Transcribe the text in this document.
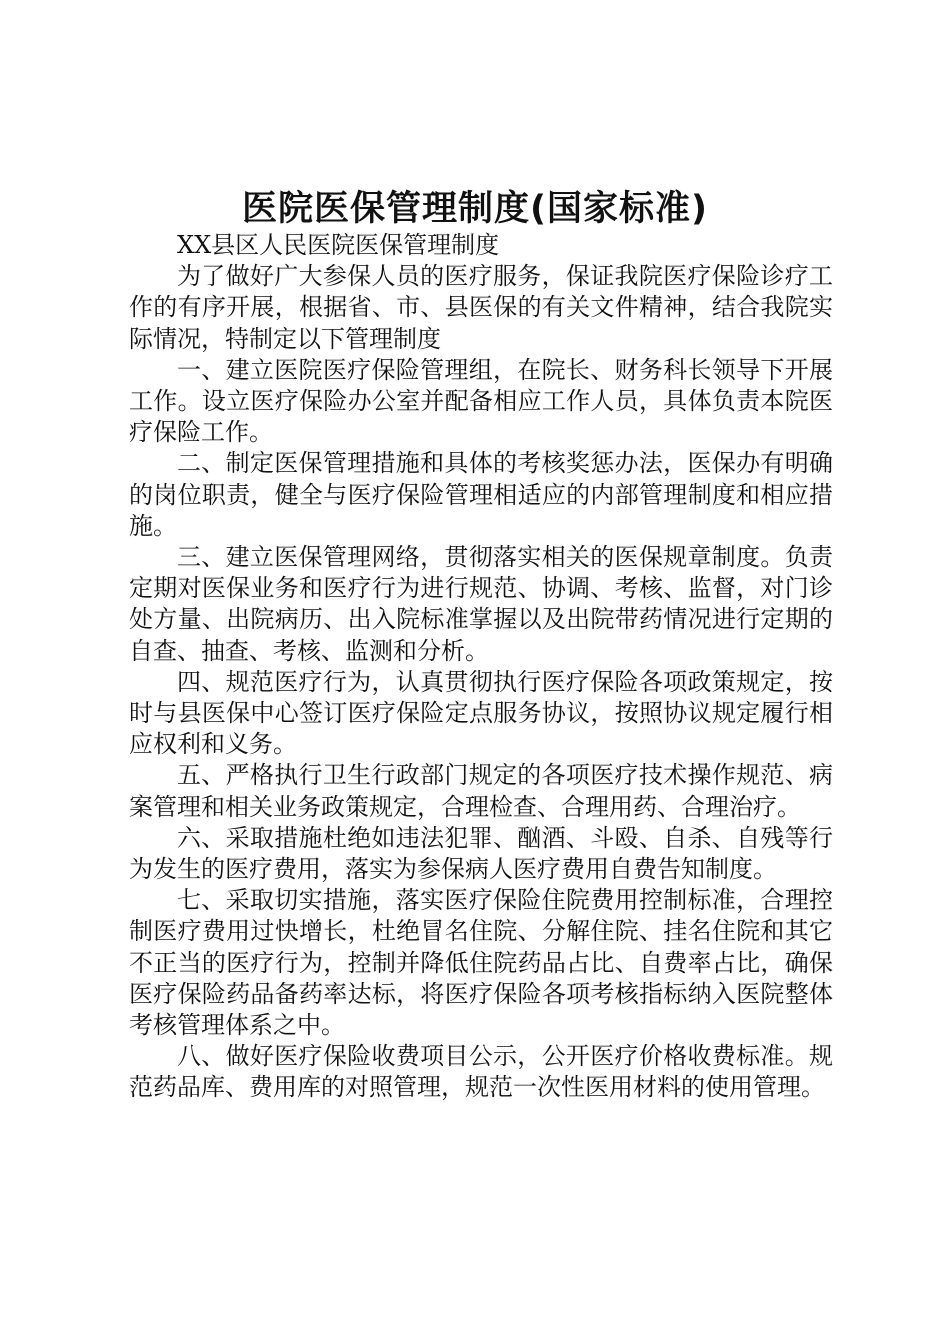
医院医保管理制度(国家标准)

XX县区人民医院医保管理制度

为了做好广大参保人员的医疗服务，保证我院医疗保险诊疗工作的有序开展，根据省、市、县医保的有关文件精神，结合我院实际情况，特制定以下管理制度

一、建立医院医疗保险管理组，在院长、财务科长领导下开展工作。设立医疗保险办公室并配备相应工作人员，具体负责本院医疗保险工作。

二、制定医保管理措施和具体的考核奖惩办法，医保办有明确的岗位职责，健全与医疗保险管理相适应的内部管理制度和相应措施。

三、建立医保管理网络，贯彻落实相关的医保规章制度。负责定期对医保业务和医疗行为进行规范、协调、考核、监督，对门诊处方量、出院病历、出入院标准掌握以及出院带药情况进行定期的自查、抽查、考核、监测和分析。

四、规范医疗行为，认真贯彻执行医疗保险各项政策规定，按时与县医保中心签订医疗保险定点服务协议，按照协议规定履行相应权利和义务。

五、严格执行卫生行政部门规定的各项医疗技术操作规范、病案管理和相关业务政策规定，合理检查、合理用药、合理治疗。

六、采取措施杜绝如违法犯罪、酗酒、斗殴、自杀、自残等行为发生的医疗费用，落实为参保病人医疗费用自费告知制度。

七、采取切实措施，落实医疗保险住院费用控制标准，合理控制医疗费用过快增长，杜绝冒名住院、分解住院、挂名住院和其它不正当的医疗行为，控制并降低住院药品占比、自费率占比，确保医疗保险药品备药率达标，将医疗保险各项考核指标纳入医院整体考核管理体系之中。

八、做好医疗保险收费项目公示，公开医疗价格收费标准。规范药品库、费用库的对照管理，规范一次性医用材料的使用管理。
